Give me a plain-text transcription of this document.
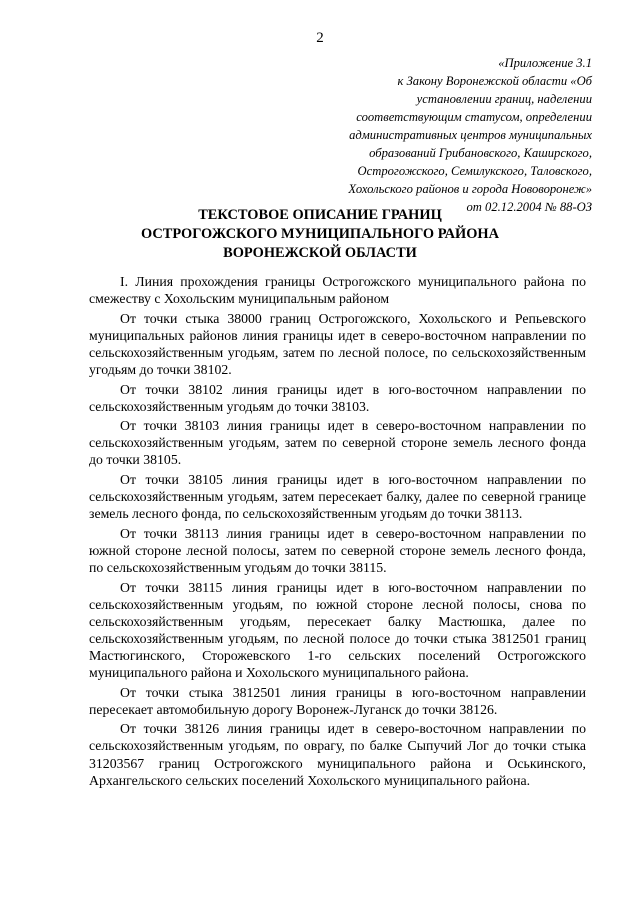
2
«Приложение 3.1
к Закону Воронежской области «Об
установлении границ, наделении
соответствующим статусом, определении
административных центров муниципальных
образований Грибановского, Каширского,
Острогожского, Семилукского, Таловского,
Хохольского районов и города Нововоронеж»
от 02.12.2004 № 88-ОЗ
ТЕКСТОВОЕ ОПИСАНИЕ ГРАНИЦ
ОСТРОГОЖСКОГО МУНИЦИПАЛЬНОГО РАЙОНА
ВОРОНЕЖСКОЙ ОБЛАСТИ

I. Линия прохождения границы Острогожского муниципального района по смежеству с Хохольским муниципальным районом

От точки стыка 38000 границ Острогожского, Хохольского и Репьевского муниципальных районов линия границы идет в северо-восточном направлении по сельскохозяйственным угодьям, затем по лесной полосе, по сельскохозяйственным угодьям до точки 38102.

От точки 38102 линия границы идет в юго-восточном направлении по сельскохозяйственным угодьям до точки 38103.

От точки 38103 линия границы идет в северо-восточном направлении по сельскохозяйственным угодьям, затем по северной стороне земель лесного фонда до точки 38105.

От точки 38105 линия границы идет в юго-восточном направлении по сельскохозяйственным угодьям, затем пересекает балку, далее по северной границе земель лесного фонда, по сельскохозяйственным угодьям до точки 38113.

От точки 38113 линия границы идет в северо-восточном направлении по южной стороне лесной полосы, затем по северной стороне земель лесного фонда, по сельскохозяйственным угодьям до точки 38115.

От точки 38115 линия границы идет в юго-восточном направлении по сельскохозяйственным угодьям, по южной стороне лесной полосы, снова по сельскохозяйственным угодьям, пересекает балку Мастюшка, далее по сельскохозяйственным угодьям, по лесной полосе до точки стыка 3812501 границ Мастюгинского, Сторожевского 1-го сельских поселений Острогожского муниципального района и Хохольского муниципального района.

От точки стыка 3812501 линия границы в юго-восточном направлении пересекает автомобильную дорогу Воронеж-Луганск до точки 38126.

От точки 38126 линия границы идет в северо-восточном направлении по сельскохозяйственным угодьям, по оврагу, по балке Сыпучий Лог до точки стыка 31203567 границ Острогожского муниципального района и Оськинского, Архангельского сельских поселений Хохольского муниципального района.
